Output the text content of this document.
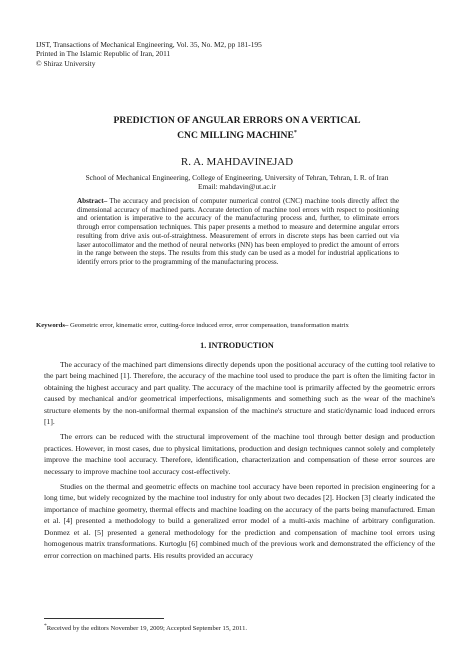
IJST, Transactions of Mechanical Engineering, Vol. 35, No. M2, pp 181-195
Printed in The Islamic Republic of Iran, 2011
© Shiraz University
PREDICTION OF ANGULAR ERRORS ON A VERTICAL
CNC MILLING MACHINE*
R. A. MAHDAVINEJAD
School of Mechanical Engineering, College of Engineering, University of Tehran, Tehran, I. R. of Iran
Email: mahdavin@ut.ac.ir
Abstract– The accuracy and precision of computer numerical control (CNC) machine tools directly affect the dimensional accuracy of machined parts. Accurate detection of machine tool errors with respect to positioning and orientation is imperative to the accuracy of the manufacturing process and, further, to eliminate errors through error compensation techniques. This paper presents a method to measure and determine angular errors resulting from drive axis out-of-straightness. Measurement of errors in discrete steps has been carried out via laser autocollimator and the method of neural networks (NN) has been employed to predict the amount of errors in the range between the steps. The results from this study can be used as a model for industrial applications to identify errors prior to the programming of the manufacturing process.
Keywords– Geometric error, kinematic error, cutting-force induced error, error compensation, transformation matrix
1. INTRODUCTION

The accuracy of the machined part dimensions directly depends upon the positional accuracy of the cutting tool relative to the part being machined [1]. Therefore, the accuracy of the machine tool used to produce the part is often the limiting factor in obtaining the highest accuracy and part quality. The accuracy of the machine tool is primarily affected by the geometric errors caused by mechanical and/or geometrical imperfections, misalignments and something such as the wear of the machine's structure elements by the non-uniformal thermal expansion of the machine's structure and static/dynamic load induced errors [1].

The errors can be reduced with the structural improvement of the machine tool through better design and production practices. However, in most cases, due to physical limitations, production and design techniques cannot solely and completely improve the machine tool accuracy. Therefore, identification, characterization and compensation of these error sources are necessary to improve machine tool accuracy cost-effectively.

Studies on the thermal and geometric effects on machine tool accuracy have been reported in precision engineering for a long time, but widely recognized by the machine tool industry for only about two decades [2]. Hocken [3] clearly indicated the importance of machine geometry, thermal effects and machine loading on the accuracy of the parts being manufactured. Eman et al. [4] presented a methodology to build a generalized error model of a multi-axis machine of arbitrary configuration. Donmez et al. [5] presented a general methodology for the prediction and compensation of machine tool errors using homogenous matrix transformations. Kurtoglu [6] combined much of the previous work and demonstrated the efficiency of the error correction on machined parts. His results provided an accuracy

*Received by the editors November 19, 2009; Accepted September 15, 2011.
